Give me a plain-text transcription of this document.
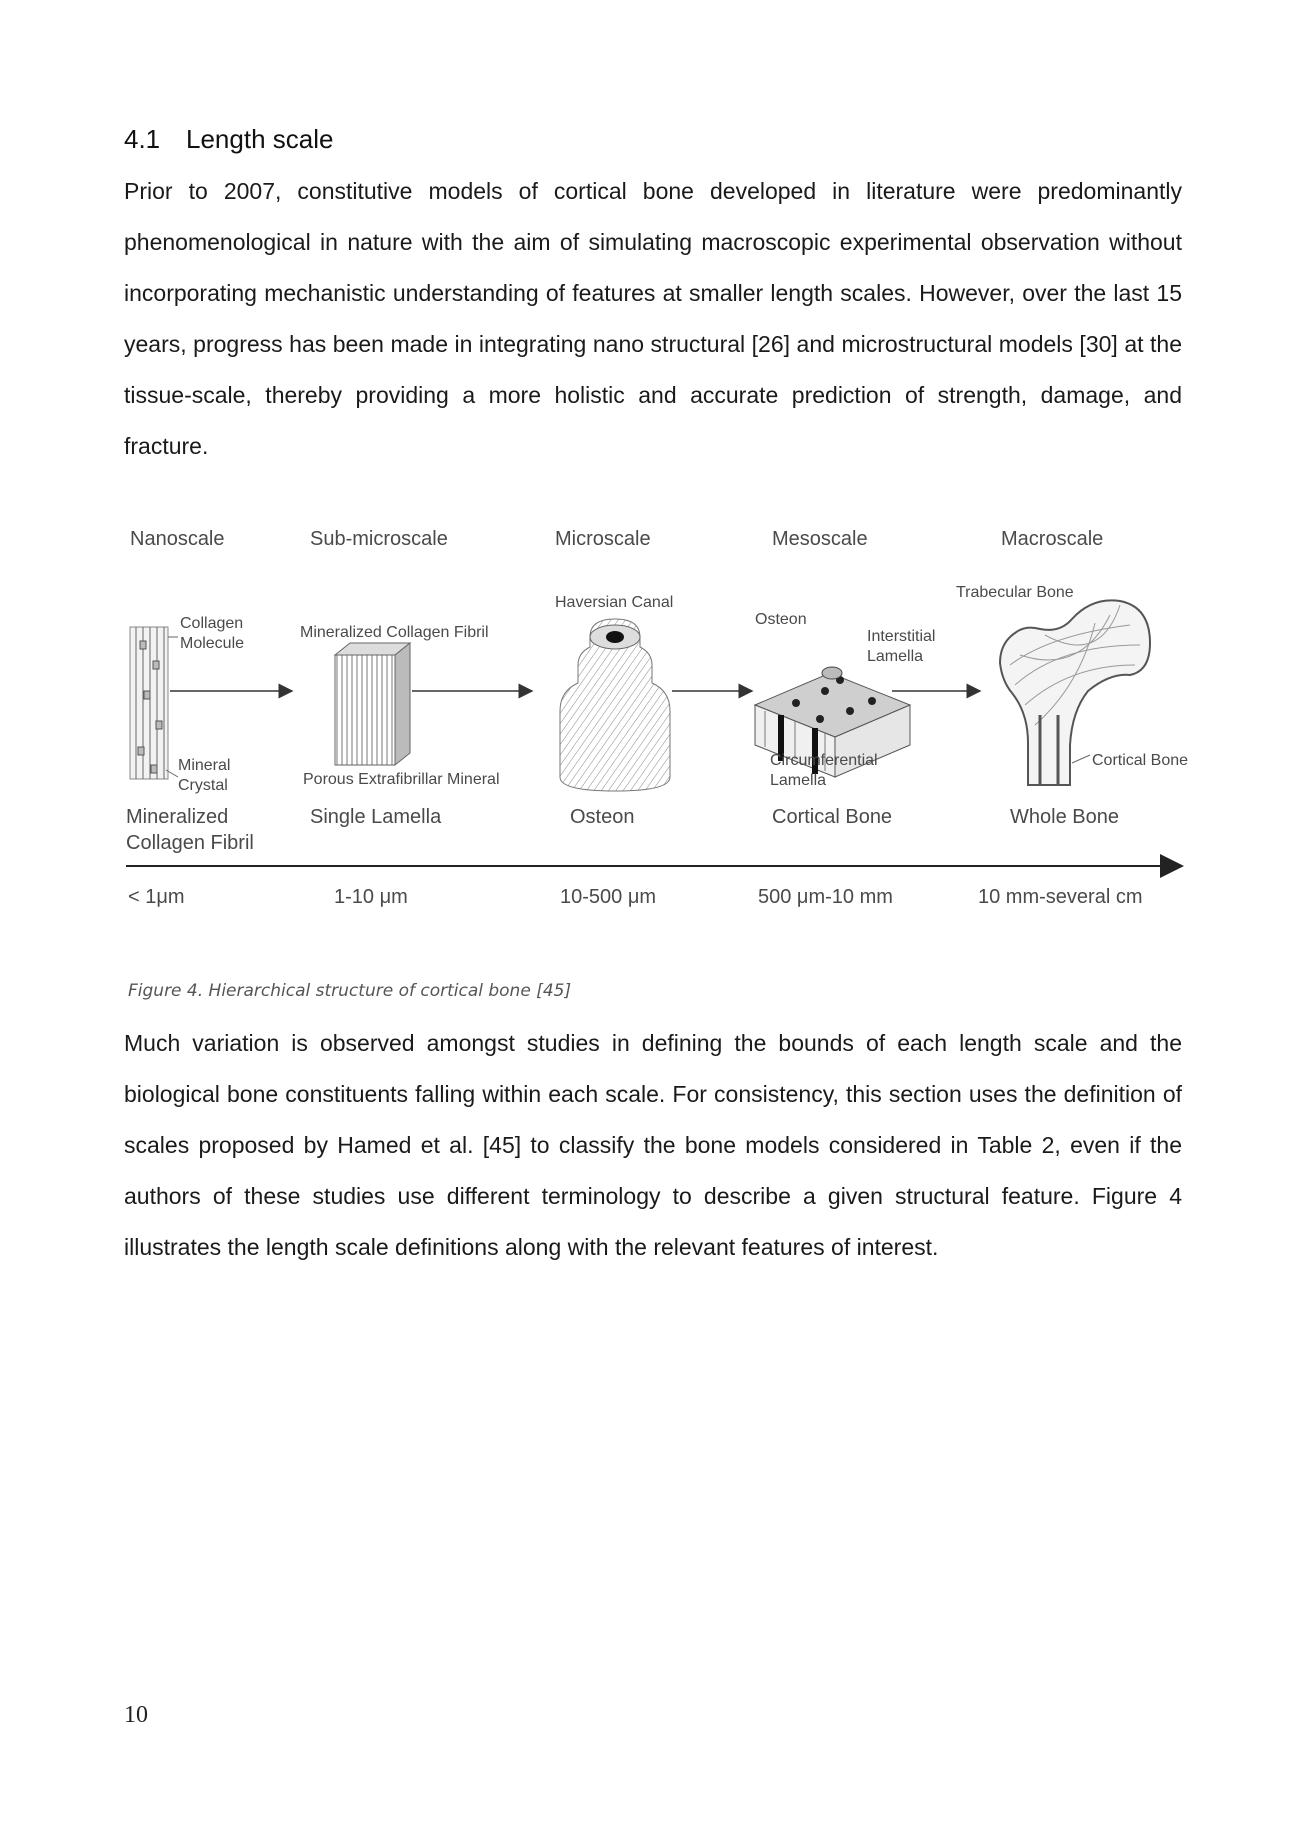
4.1 Length scale

Prior to 2007, constitutive models of cortical bone developed in literature were predominantly phenomenological in nature with the aim of simulating macroscopic experimental observation without incorporating mechanistic understanding of features at smaller length scales. However, over the last 15 years, progress has been made in integrating nano structural [26] and microstructural models [30] at the tissue-scale, thereby providing a more holistic and accurate prediction of strength, damage, and fracture.

Nanoscale	Sub-microscale	Microscale	Mesoscale	Macroscale
Collagen
Molecule
Mineral
Crystal
Mineralized Collagen Fibril
Porous Extrafibrillar Mineral
Haversian Canal
Osteon
Interstitial
Lamella
Circumferential
Lamella
Trabecular Bone
Cortical Bone
Mineralized
Collagen Fibril
Single Lamella	Osteon	Cortical Bone	Whole Bone
< 1μm	1-10 μm	10-500 μm	500 μm-10 mm	10 mm-several cm
Figure 4. Hierarchical structure of cortical bone [45]

Much variation is observed amongst studies in defining the bounds of each length scale and the biological bone constituents falling within each scale. For consistency, this section uses the definition of scales proposed by Hamed et al. [45] to classify the bone models considered in Table 2, even if the authors of these studies use different terminology to describe a given structural feature. Figure 4 illustrates the length scale definitions along with the relevant features of interest.

10
